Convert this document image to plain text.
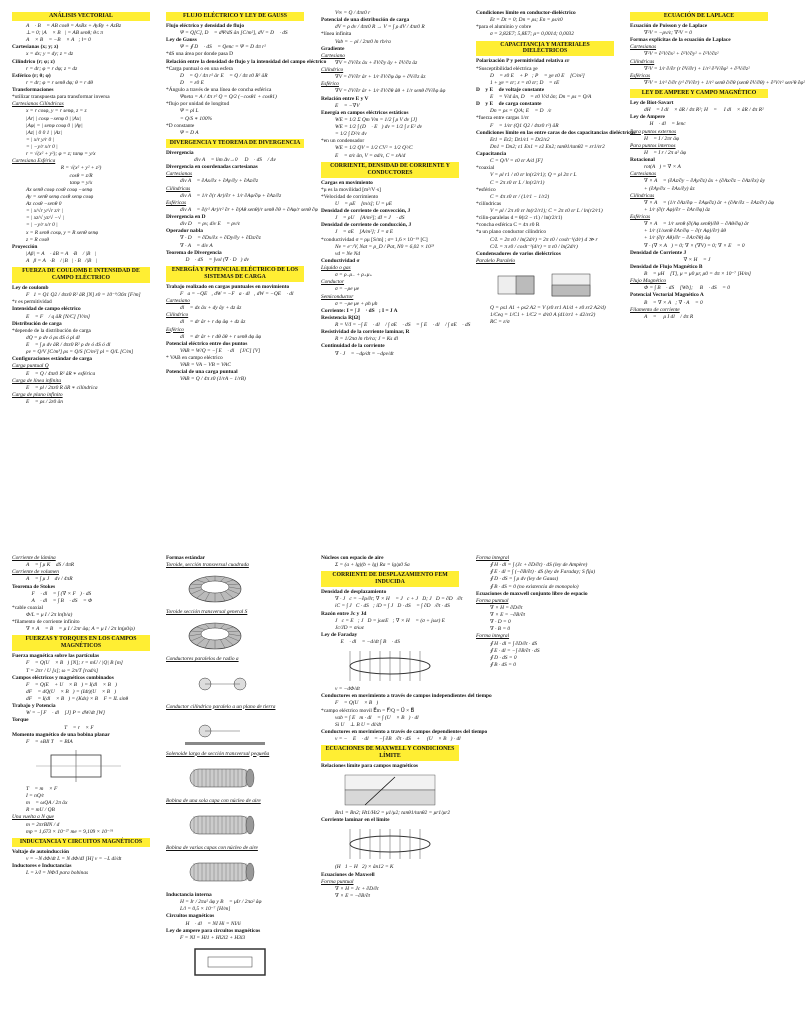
ANÁLISIS VECTORIAL
A⃗ · B⃗ = AB cosθ = AxBx + AyBy + AzBz
⊥= 0; |A⃗ × B⃗| = AB senθ; θ≤ π
A⃗ × B⃗ = −B⃗ × A⃗; ‖= 0
Cartesianas (x; y; z)
x = dx; y = dy; z = dz
Cilíndrico (r; φ; z)
r = dr; φ = r dφ; z = dz
Esférico (r; θ; φ)
r = dr; φ = r senθ dφ; θ = r dθ
Transformaciones
*utilizar transpuesta para transformar inversa
Cartesianas Cilíndricas
x = r cosφ, y = r senφ, z = z
|Ar| | cosφ −senφ 0 | |Ax|
|Aφ| = | senφ cosφ 0 | |Ay|
|Az| | 0 0 1 | |Az|
= | x/r y/r 0 |
= | −y/r x/r 0 |
r = √(x² + y²); φ = z; tanφ = y/x
Cartesiana Esférica
R = √(x² + y² + z²)
cosθ = z/R
tanφ = y/x
Ax senθ cosφ cosθ cosφ −senφ
Ay = senθ senφ cosθ senφ cosφ
Az cosθ −senθ 0
= | x/√r y/√r z/r |
= | xz/√ yz/√ −√ |
= | −y/r x/r 0 |
x = R senθ cosφ, y = R senθ senφ
z = R cosθ
Proyección
|Aβ| = A⃗ · âB = A⃗·B⃗ / |B⃗|
A⃗β = A⃗·B⃗ / |B⃗| · B⃗/|B⃗|
FUERZA DE COULOMB E INTENSIDAD DE CAMPO ELÉCTRICO
Ley de coulomb
F⃗1 = Q1 Q2 / 4πε0 R² âR [N] ε0 = 10⁻⁹/36π [F/m]
*ε es permitividad
Intensidad de campo eléctrico
E⃗ = F⃗ / q âR [N/C] [V/m]
Distribución de carga
*depende de la distribución de carga
dQ = ρ dv ó ρs dS ó ρl dl
E⃗ = ∫ ρ dv âR / 4πε0 R² ρ dv ó dS ó dl
ρv = Q/V [C/m³] ρs = Q/S [C/m²] ρl = Q/L [C/m]
Configuraciones estándar de carga
Carga puntual Q
E⃗ = Q / 4πε0 R² âR ∗ esférica
Carga de línea infinita
E⃗ = ρl / 2πε0 R âR ∗ cilíndrica
Carga de plano infinito
E⃗ = ρs / 2ε0 ân
FLUJO ELÉCTRICO Y LEY DE GAUSS
Flujo eléctrico y densidad de flujo
Ψ = Q[C], D⃗ = dΨ/dS ân [C/m²], dV = D⃗ · dS⃗
Ley de Gauss
Ψ = ∮ D⃗ · dS⃗ = Qenc = Ψ = D 4π r²
*dS una área por donde pasa D
Relación entre la densidad de flujo y la intensidad del campo eléctrico
*Carga puntual o en una esfera
D⃗ = Q / 4π r² âr E⃗ = Q / 4π ε0 R² âR
D⃗ = ε0 E⃗
*Ángulo a través de una línea de concha esférica
Ψneta = A / 4π r² Q = Q/2 (−cosθ1 + cosθ1)
*flujo por unidad de longitud
Ψ = ρl L
= Q/S ∗ 100%
*D constante
Ψ = D A
DIVERGENCIA Y TEOREMA DE DIVERGENCIA
Divergencia
div A⃗ = lim Δv→0 ∮ D⃗ · dS⃗ / Δv
Divergencia en coordenadas cartesianas
Cartesianas
div A⃗ = ∂Ax/∂x + ∂Ay/∂y + ∂Az/∂z
Cilíndricas
div A⃗ = 1/r ∂(r Ar)/∂r + 1/r ∂Aφ/∂φ + ∂Az/∂z
Esféricas
div A⃗ = ∂(r² Ar)/r² ∂r + ∂(Aθ senθ)/r senθ ∂θ + ∂Aφ/r senθ ∂φ
Divergencia en D⃗
div D⃗ = ρv, div E⃗ = ρv/ε
Operador nabla
∇ · D⃗ = ∂Dx/∂x + ∂Dy/∂y + ∂Dz/∂z
∇ · A⃗ = div A⃗
Teorema de Divergencia
∮ D⃗ · dS⃗ = ∫vol (∇ · D⃗) dv
ENERGÍA Y POTENCIAL ELÉCTRICO DE LOS SISTEMAS DE CARGA
Trabajo realizado en cargas puntuales en movimiento
F⃗a = −QE⃗, dW = −F⃗a · dl⃗, dW = −QE⃗ · dl⃗
Cartesiano
dl⃗ = dx âx + dy ây + dz âz
Cilíndrico
dl⃗ = dr âr + r dφ âφ + dz âz
Esférico
dl⃗ = dr âr + r dθ âθ + r senθ dφ âφ
Potencial eléctrico entre dos puntos
VAB = W/Q = −∫ E⃗ · dl⃗ [J/C] [V]
* VAB en campo eléctrico
VAB = VA − VB = VAC
Potencial de una carga puntual
VAB = Q / 4π ε0 (1/rA − 1/rB)
V∞ = Q / 4πε0 r
Potencial de una distribución de carga
dV = ρ dv / 4πε0 R → V = ∫ ρ dV / 4πε0 R
*línea infinita
Vab = − ρl / 2πε0 ln rb/ra
Gradiente
Cartesiano
∇V = ∂V/∂x âx + ∂V/∂y ây + ∂V/∂z âz
Cilíndrico
∇V = ∂V/∂r âr + 1/r ∂V/∂φ âφ + ∂V/∂z âz
Esférico
∇V = ∂V/∂r âr + 1/r ∂V/∂θ âθ + 1/r senθ ∂V/∂φ âφ
Relación entre E y V
E⃗ = −∇V
Energía en campos eléctricos estáticos
WE = 1/2 Σ Qm Vm = 1/2 ∫ ρ V dv [J]
WE = 1/2 ∫ (D⃗ · E⃗) dv = 1/2 ∫ ε E² dv
= 1/2 ∫ D²/ε dv
*en un condensador
WE = 1/2 QV = 1/2 CV² = 1/2 Q²/C
E⃗ = σ/ε ân, V = σd/ε, C = εA/d
CORRIENTE, DENSIDAD DE CORRIENTE Y CONDUCTORES
Cargas en movimiento
*μ es la movilidad [m²/V·s]
*Velocidad de corrimiento
U⃗ = μE⃗ [m/s]; U = μE
Densidad de corriente de convección, J
J⃗ = ρU⃗ [A/m²]; dI = J⃗ · dS⃗
Densidad de corriente de conducción, J
J⃗ = σE⃗ [A/m²]; J = σ E
*conductividad σ = ρμ [S/m] ; σ= 1,6 × 10⁻¹⁹ [C]
Ne = e⁻/V, Nat = ρ_D / Pat, N0 = 6,02 × 10²³
vd = Ne Nd
Conductividad σ
Líquido o gas
σ = ρ₋μ₋ + ρ₊μ₊
Conductor
σ = −ρe μe
Semiconductor
σ = −ρe μe + ρh μh
Corriente: I = ∫ J⃗ · dS⃗; I = J A
Resistencia R[Ω]
R = V/I = −∫ E⃗ · dl⃗ / ∫ σE⃗ · dS⃗ = ∫ E⃗ · dl⃗ / ∫ σE⃗ · dS⃗
Resistividad de la corriente laminar, R
R = 1/2πσ ln rb/ra; J = Ks dl
Continuidad de la corriente
∇ · J⃗ = −dρ/dt = −dρv/dt
Condiciones límite en conductor-dieléctrico
Et = Dt = 0; Dn = ρs; En = ρs/ε0
*para el aluminio y cobre
σ = 3,82E7; 5,8E7; μ= 0,0014; 0,0032
CAPACITANCIA Y MATERIALES DIELÉCTRICOS
Polarización P y permitividad relativa εr
*Susceptibilidad eléctrica χe
D⃗ = ε0 E⃗ + P⃗; P⃗ = χe ε0 E⃗ [C/m²]
1 + χe = εr; ε = ε0 εr; D⃗ = εE⃗
D⃗ y E⃗ de voltaje constante
E⃗ = V/d ân, D⃗ = ε0 V/d ân; Dn = ρs = Q/A
D⃗ y E⃗ de carga constante
Dn = ρs = Q/A; E⃗ = D⃗/ε
*fuerza entre cargas 1/εr
F⃗ = 1/εr (Q1 Q2 / 4πε0 r²) âR
Condiciones límite en las entre caras de dos capacitancias dieléctricas
Et1 = Et2; Dt1/ε1 = Dt2/ε2
Dn1 = Dn2; ε1 En1 = ε2 En2; tanθ1/tanθ2 = εr1/εr2
Capacitancia
C = Q/V = ε0 εr A/d [F]
*coaxial
V = ρl r1 / ε0 εr ln(r2/r1); Q = ρl 2π r L
C = 2π ε0 εr L / ln(r2/r1)
*esférico
C = 4π ε0 εr / (1/r1 − 1/r2)
*cilíndricas
V = ρl / 2π ε0 εr ln(r2/r1); C = 2π ε0 εr L / ln(r2/r1)
*cilin-paralelas d = θ(r2 − r1) / ln(r2/r1)
*concha esférica C = 4π ε0 R
*a un plano conductor cilíndrico
C/L = 2π ε0 / ln(2d/r) = 2π ε0 / cosh⁻¹(d/r) d ≫ r
C/L = π ε0 / cosh⁻¹(d/r) = π ε0 / ln(2d/r)
Condensadores de varios dieléctricos
Paralelo Paralelo
Q = ρs1 A1 + ρs2 A2 = V (ε0 εr1 A1/d + ε0 εr2 A2/d)
1/Ceq = 1/C1 + 1/C2 = d/ε0 A (d1/εr1 + d2/εr2)
RC = ε/σ
ECUACIÓN DE LAPLACE
Ecuación de Poisson y de Laplace
∇²V = −ρv/ε; ∇²V = 0
Formas explícitas de la ecuación de Laplace
Cartesianas
∇²V = ∂²V/∂x² + ∂²V/∂y² + ∂²V/∂z²
Cilíndricas
∇²V = 1/r ∂/∂r (r ∂V/∂r) + 1/r² ∂²V/∂φ² + ∂²V/∂z²
Esféricas
∇²V = 1/r² ∂/∂r (r² ∂V/∂r) + 1/r² senθ ∂/∂θ (senθ ∂V/∂θ) + ∂²V/r² sen²θ ∂φ²
LEY DE AMPERE Y CAMPO MAGNÉTICO
Ley de Biot-Savart
dH⃗ = I dl⃗ × âR / 4π R²; H⃗ = ∮ I dl⃗ × âR / 4π R²
Ley de Ampere
∮ H⃗ · dl⃗ = Ienc
Para puntos externos
H⃗ = I / 2πr âφ
Para puntos internos
H⃗ = I r / 2π a² âφ
Rotacional
rot(A⃗) = ∇ × A⃗
Cartesianas
∇ × A⃗ = (∂Az/∂y − ∂Ay/∂z) âx + (∂Ax/∂z − ∂Az/∂x) ây
+ (∂Ay/∂x − ∂Ax/∂y) âz
Cilíndricas
∇ × A⃗ = (1/r ∂Az/∂φ − ∂Aφ/∂z) âr + (∂Ar/∂z − ∂Az/∂r) âφ
+ 1/r (∂(r Aφ)/∂r − ∂Ar/∂φ) âz
Esféricas
∇ × A⃗ = 1/r senθ (∂(Aφ senθ)/∂θ − ∂Aθ/∂φ) âr
+ 1/r (1/senθ ∂Ar/∂φ − ∂(r Aφ)/∂r) âθ
+ 1/r (∂(r Aθ)/∂r − ∂Ar/∂θ) âφ
∇ · (∇ × A⃗) = 0; ∇ × (∇V) = 0; ∇ × E⃗ = 0
Densidad de Corriente J
∇ × H⃗ = J⃗
Densidad de Flujo Magnético B
B⃗ = μH⃗ [T], μ = μ0 μr, μ0 = 4π × 10⁻⁷ [H/m]
Flujo Magnético
Φ = ∫ B⃗ · dS⃗ [Wb]; ∮ B⃗ · dS⃗ = 0
Potencial Vectorial Magnético A
B⃗ = ∇ × A⃗; ∇ · A⃗ = 0
Filamento de corriente
A⃗ = ∮ μ I dl⃗ / 4π R
Corriente de lámina
A⃗ = ∫ μ K⃗ dS / 4πR
Corriente de volumen
A⃗ = ∫ μ J⃗ dv / 4πR
Teorema de Stokes
∮ F⃗ · dl⃗ = ∫ (∇ × F⃗) · dS⃗
∮ A⃗ · dl⃗ = ∫ B⃗ · dS⃗ = Φ
*cable coaxial
Φ/L = μ I / 2π ln(b/a)
*filamento de corriente infinito
∇ × A⃗ = B⃗ = μ I / 2πr âφ; A = μ I / 2π ln(ρ0/ρ)
FUERZAS Y TORQUES EN LOS CAMPOS MAGNÉTICOS
Fuerza magnética sobre las partículas
F⃗ = Q(U⃗ × B⃗) [N]; r = mU / |Q| B [m]
T = 2πr / U [s]; ω = 2π/T [rad/s]
Campos eléctricos y magnéticos combinados
F⃗ = Q(E⃗ + U⃗ × B⃗) = I(dl⃗ × B⃗)
dF⃗ = dQ(U⃗ × B⃗) = (Idt)(U⃗ × B⃗)
dF⃗ = I(dl⃗ × B⃗) = (Kds) × B⃗ F = IL sinθ
Trabajo y Potencia
W = −∫ F⃗ · dl⃗ [J] P = dW/dt [W]
Torque
T⃗ = r⃗ × F⃗
Momento magnético de una bobina planar
F⃗ = ±BIl T⃗ = BIA
T⃗ = m⃗ × F⃗
I = nQ/t
m⃗ = ωQA / 2π âx
R = mU / QB
Una vuelta a N que
m = 2πrBIN / d
mp = 1,673 × 10⁻²⁷ me = 9,109 × 10⁻³¹
INDUCTANCIA Y CIRCUITOS MAGNÉTICOS
Voltaje de autoinducción
v = −N dΦ/dt L = N dΦ/dI [H] v = −L di/dt
Inductores e Inductancias
L = λ/I = NΦ/I para bobinas
Formas estándar
Toroide, sección transversal cuadrada
Toroide sección transversal general S
Conductores paralelos de radio a
Conductor cilíndrico paralelo a un plano de tierra
Solenoide largo de sección transversal pequeña
Bobina de una sola capa con núcleo de aire
Bobina de varias capas con núcleo de aire
Inductancia interna
H = Ir / 2πa² âφ y B⃗ = μIr / 2πa² âφ
L/l = 0,5 × 10⁻⁷ [H/m]
Circuitos magnéticos
∮ H⃗ · dl⃗ = NI Hi = NI/li
Ley de ampere para circuitos magnéticos
F = NI = Hl1 + Hl2l2 + H3l3
Núcleos con espacio de aire
Σ = (a + lg)(b + lg) Ra = lg/μ0 Sa
CORRIENTE DE DESPLAZAMIENTO FEM INDUCIDA
Densidad de desplazamiento
∇ · J⃗c = −∂ρ/∂t; ∇ × H⃗ = J⃗c + J⃗D; J⃗D = ∂D⃗/∂t
iC = ∫ J⃗C · dS⃗; iD = ∫ J⃗D · dS⃗ = ∫ ∂D⃗/∂t · dS⃗
Razón entre Jc y Jd
J⃗c = E⃗; J⃗D = jωεE⃗; ∇ × H⃗ = (σ + jωε) E⃗
Jc/JD = σ/ωε
Ley de Faraday
∮ E⃗ · dl⃗ = −d/dt ∫ B⃗ · dS⃗
v = −dΦ/dt
Conductores en movimiento a través de campos independientes del tiempo
F⃗ = Q(U⃗ × B⃗)
*campo eléctrico movil E⃗m = F⃗/Q = U⃗ × B⃗
vab = ∫ E⃗m · dl⃗ = ∫ (U⃗ × B⃗) · dl⃗
Si U⃗ ⊥ B U = dl/dt
Conductores en movimiento a través de campos dependientes del tiempo
v = −∮ E⃗ · dl⃗ = −∫ ∂B⃗/∂t · dS⃗ + ∮ (U⃗ × B⃗) · dl⃗
ECUACIONES DE MAXWELL Y CONDICIONES LÍMITE
Relaciones límite para campos magnéticos
Bn1 = Bn2; Ht1/Ht2 = μ1/μ2; tanθ1/tanθ2 = μr1/μr2
Corriente laminar en el límite
(H⃗1 − H⃗2) × ân12 = K⃗
Ecuaciones de Maxwell
Forma puntual
∇ × H = Jc + ∂D/∂t
∇ × E = −∂B/∂t
Forma integral
∮ H · dl = ∫ (Jc + ∂D/∂t) · dS (ley de Ampère)
∮ E · dl = ∫ (−∂B/∂t) · dS (ley de Faraday; S fija)
∮ D · dS = ∫ ρ dv (ley de Gauss)
∮ B · dS = 0 (no existencia de monopolo)
Ecuaciones de maxwell conjunto libre de espacio
Forma puntual
∇ × H = ∂D/∂t
∇ × E = −∂B/∂t
∇ · D = 0
∇ · B = 0
Forma integral
∮ H · dl = ∫ ∂D/∂t · dS
∮ E · dl = −∫ ∂B/∂t · dS
∮ D · dS = 0
∮ B · dS = 0
